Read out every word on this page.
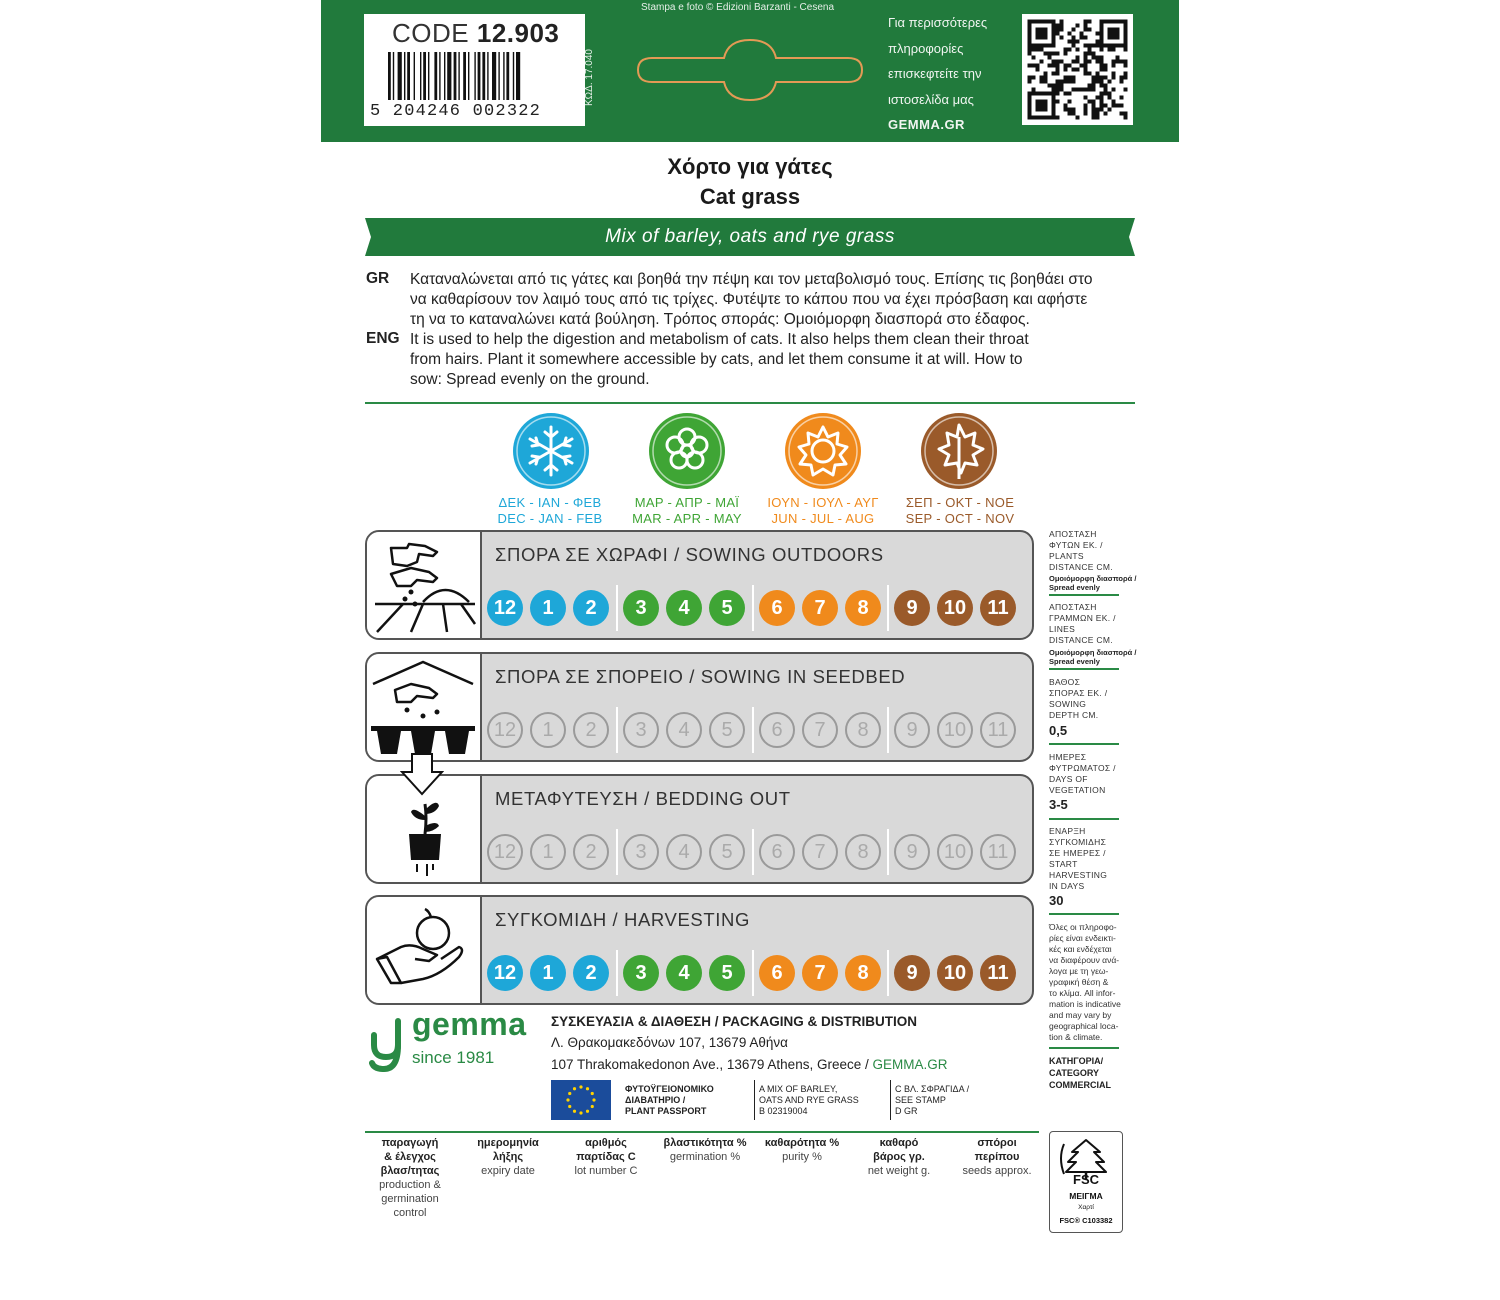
CODE 12.903
5 204246 002322
ΚΩΔ. 17.040
Stampa e foto © Edizioni Barzanti - Cesena
Για περισσότερες
πληροφορίες
επισκεφτείτε την
ιστοσελίδα μας
GEMMA.GR
Χόρτο για γάτες
Cat grass
Mix of barley, oats and rye grass
GR Καταναλώνεται από τις γάτες και βοηθά την πέψη και τον μεταβολισμό τους. Επίσης τις βοηθάει στο
να καθαρίσουν τον λαιμό τους από τις τρίχες. Φυτέψτε το κάπου που να έχει πρόσβαση και αφήστε
τη να το καταναλώνει κατά βούληση. Τρόπος σποράς: Ομοιόμορφη διασπορά στο έδαφος.
ENG It is used to help the digestion and metabolism of cats. It also helps them clean their throat
from hairs. Plant it somewhere accessible by cats, and let them consume it at will. How to
sow: Spread evenly on the ground.
ΔΕΚ - ΙΑΝ - ΦΕΒ
DEC - JAN - FEB
ΜΑΡ - ΑΠΡ - ΜΑΪ
MAR - APR - MAY
ΙΟΥΝ - ΙΟΥΛ - ΑΥΓ
JUN - JUL - AUG
ΣΕΠ - ΟΚΤ - ΝΟΕ
SEP - OCT - NOV
ΣΠΟΡΑ ΣΕ ΧΩΡΑΦΙ / SOWING OUTDOORS
12	1	2	3	4	5	6	7	8	9	10	11
ΣΠΟΡΑ ΣΕ ΣΠΟΡΕΙΟ / SOWING IN SEEDBED
12	1	2	3	4	5	6	7	8	9	10	11
ΜΕΤΑΦΥΤΕΥΣΗ / BEDDING OUT
12	1	2	3	4	5	6	7	8	9	10	11
ΣΥΓΚΟΜΙΔΗ / HARVESTING
12	1	2	3	4	5	6	7	8	9	10	11
ΑΠΟΣΤΑΣΗ
ΦΥΤΩΝ ΕΚ. /
PLANTS
DISTANCE CM.
Ομοιόμορφη διασπορά /
Spread evenly
ΑΠΟΣΤΑΣΗ
ΓΡΑΜΜΩΝ ΕΚ. /
LINES
DISTANCE CM.
Ομοιόμορφη διασπορά /
Spread evenly
ΒΑΘΟΣ
ΣΠΟΡΑΣ ΕΚ. /
SOWING
DEPTH CM.
0,5
ΗΜΕΡΕΣ
ΦΥΤΡΩΜΑΤΟΣ /
DAYS OF
VEGETATION
3-5
ΕΝΑΡΞΗ
ΣΥΓΚΟΜΙΔΗΣ
ΣΕ ΗΜΕΡΕΣ /
START
HARVESTING
IN DAYS
30
Όλες οι πληροφο-
ρίες είναι ενδεικτι-
κές και ενδέχεται
να διαφέρουν ανά-
λογα με τη γεω-
γραφική θέση &
το κλίμα. All infor-
mation is indicative
and may vary by
geographical loca-
tion & climate.
ΚΑΤΗΓΟΡΙΑ/
CATEGORY
COMMERCIAL
gemma
since 1981
ΣΥΣΚΕΥΑΣΙΑ & ΔΙΑΘΕΣΗ / PACKAGING & DISTRIBUTION
Λ. Θρακομακεδόνων 107, 13679 Αθήνα
107 Thrakomakedonon Ave., 13679 Athens, Greece / GEMMA.GR
ΦΥΤΟΫΓΕΙΟΝΟΜΙΚΟ
ΔΙΑΒΑΤΗΡΙΟ /
PLANT PASSPORT
A MIX OF BARLEY,
OATS AND RYE GRASS
B 02319004
C ΒΛ. ΣΦΡΑΓΙΔΑ /
SEE STAMP
D GR
παραγωγή
& έλεγχος
βλασ/τητας
production &
germination
control
ημερομηνία
λήξης
expiry date
αριθμός
παρτίδας C
lot number C
βλαστικότητα %
germination %
καθαρότητα %
purity %
καθαρό
βάρος γρ.
net weight g.
σπόροι
περίπου
seeds approx.
FSC
ΜΕΙΓΜΑ
Χαρτί
FSC® C103382
